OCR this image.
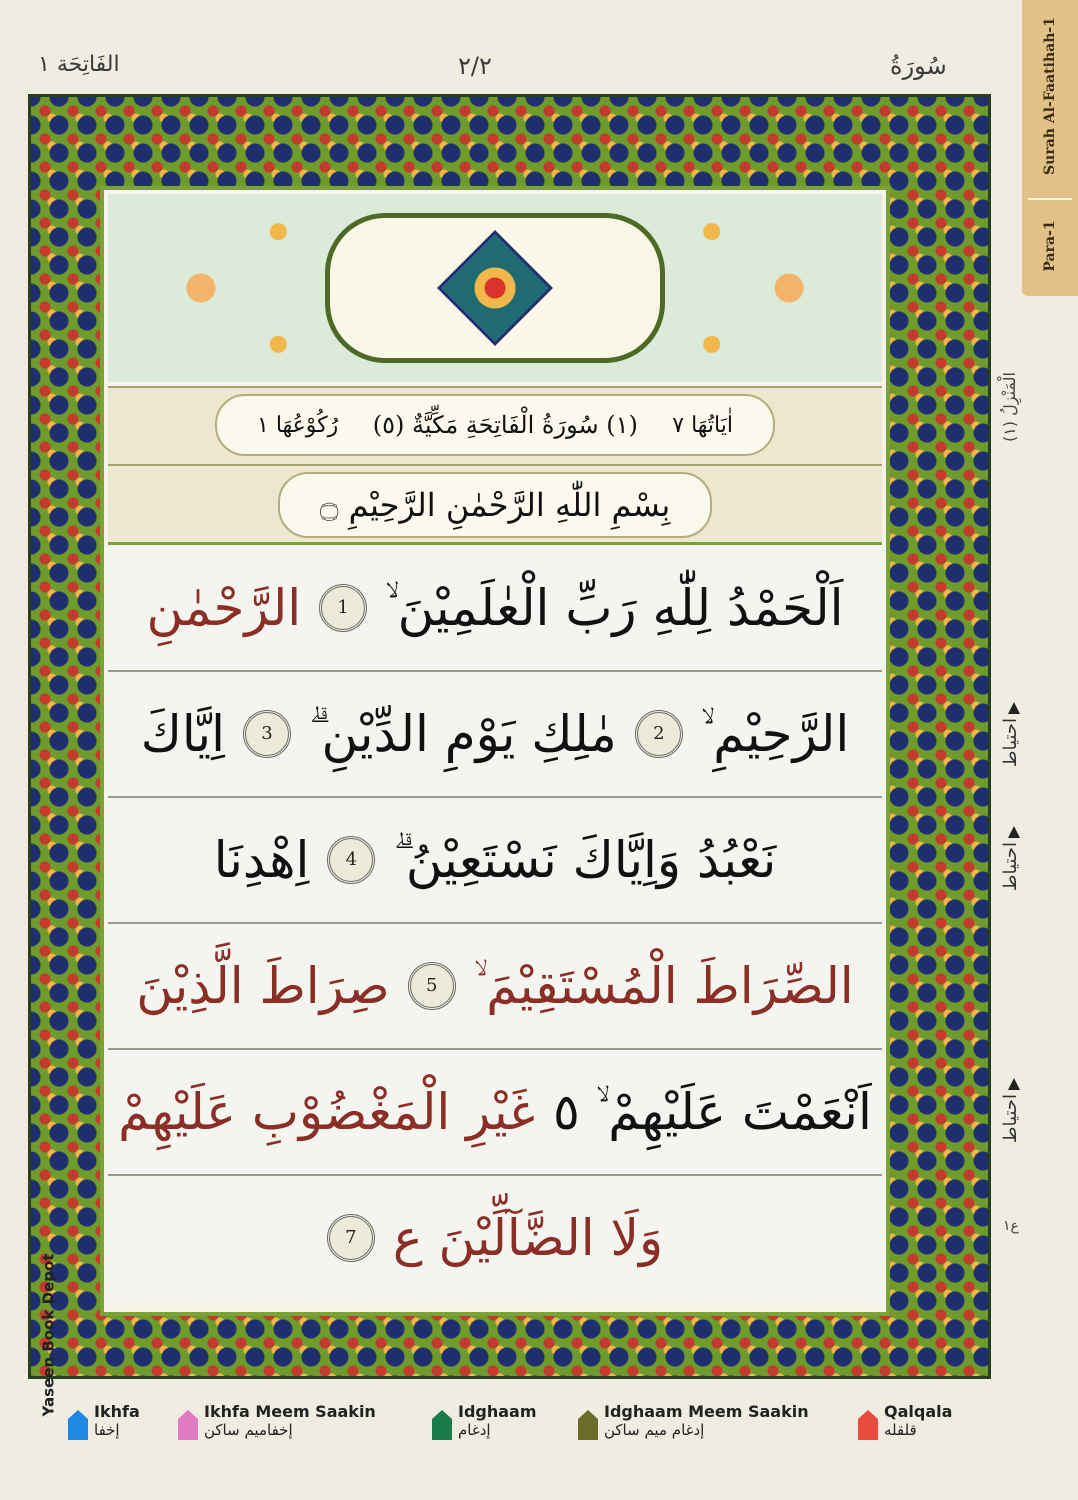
الفَاتِحَة ١	٢/٢	سُورَةُ	Surah Al-Faatihah-1
Para-1
اٰيَاتُهَا ٧
(١) سُورَةُ الْفَاتِحَةِ مَكِّيَّةٌ (٥)
رُكُوْعُهَا ١
بِسْمِ اللّٰهِ الرَّحْمٰنِ الرَّحِيْمِ ۝
اَلْحَمْدُ لِلّٰهِ رَبِّ الْعٰلَمِيْنَ ۙ
1
الرَّحْمٰنِ
الرَّحِيْمِ ۙ
2
مٰلِكِ يَوْمِ الدِّيْنِ ۗ
3
اِيَّاكَ
نَعْبُدُ وَاِيَّاكَ نَسْتَعِيْنُ ۗ
4
اِهْدِنَا
الصِّرَاطَ الْمُسْتَقِيْمَ ۙ
5
صِرَاطَ الَّذِيْنَ
اَنْعَمْتَ عَلَيْهِمْ ۙ ٥
غَيْرِ الْمَغْضُوْبِ عَلَيْهِمْ
وَلَا الضَّآلِّيْنَ ع
7
الْمَنْزِلُ (١)
احتياط
احتياط
احتياط
ع١
Yaseen Book Depot Ikhfa
إخفا
Ikhfa Meem Saakin
إخفاميم ساكن
Idghaam
إدغام
Idghaam Meem Saakin
إدغام ميم ساكن
Qalqala
قلقله
